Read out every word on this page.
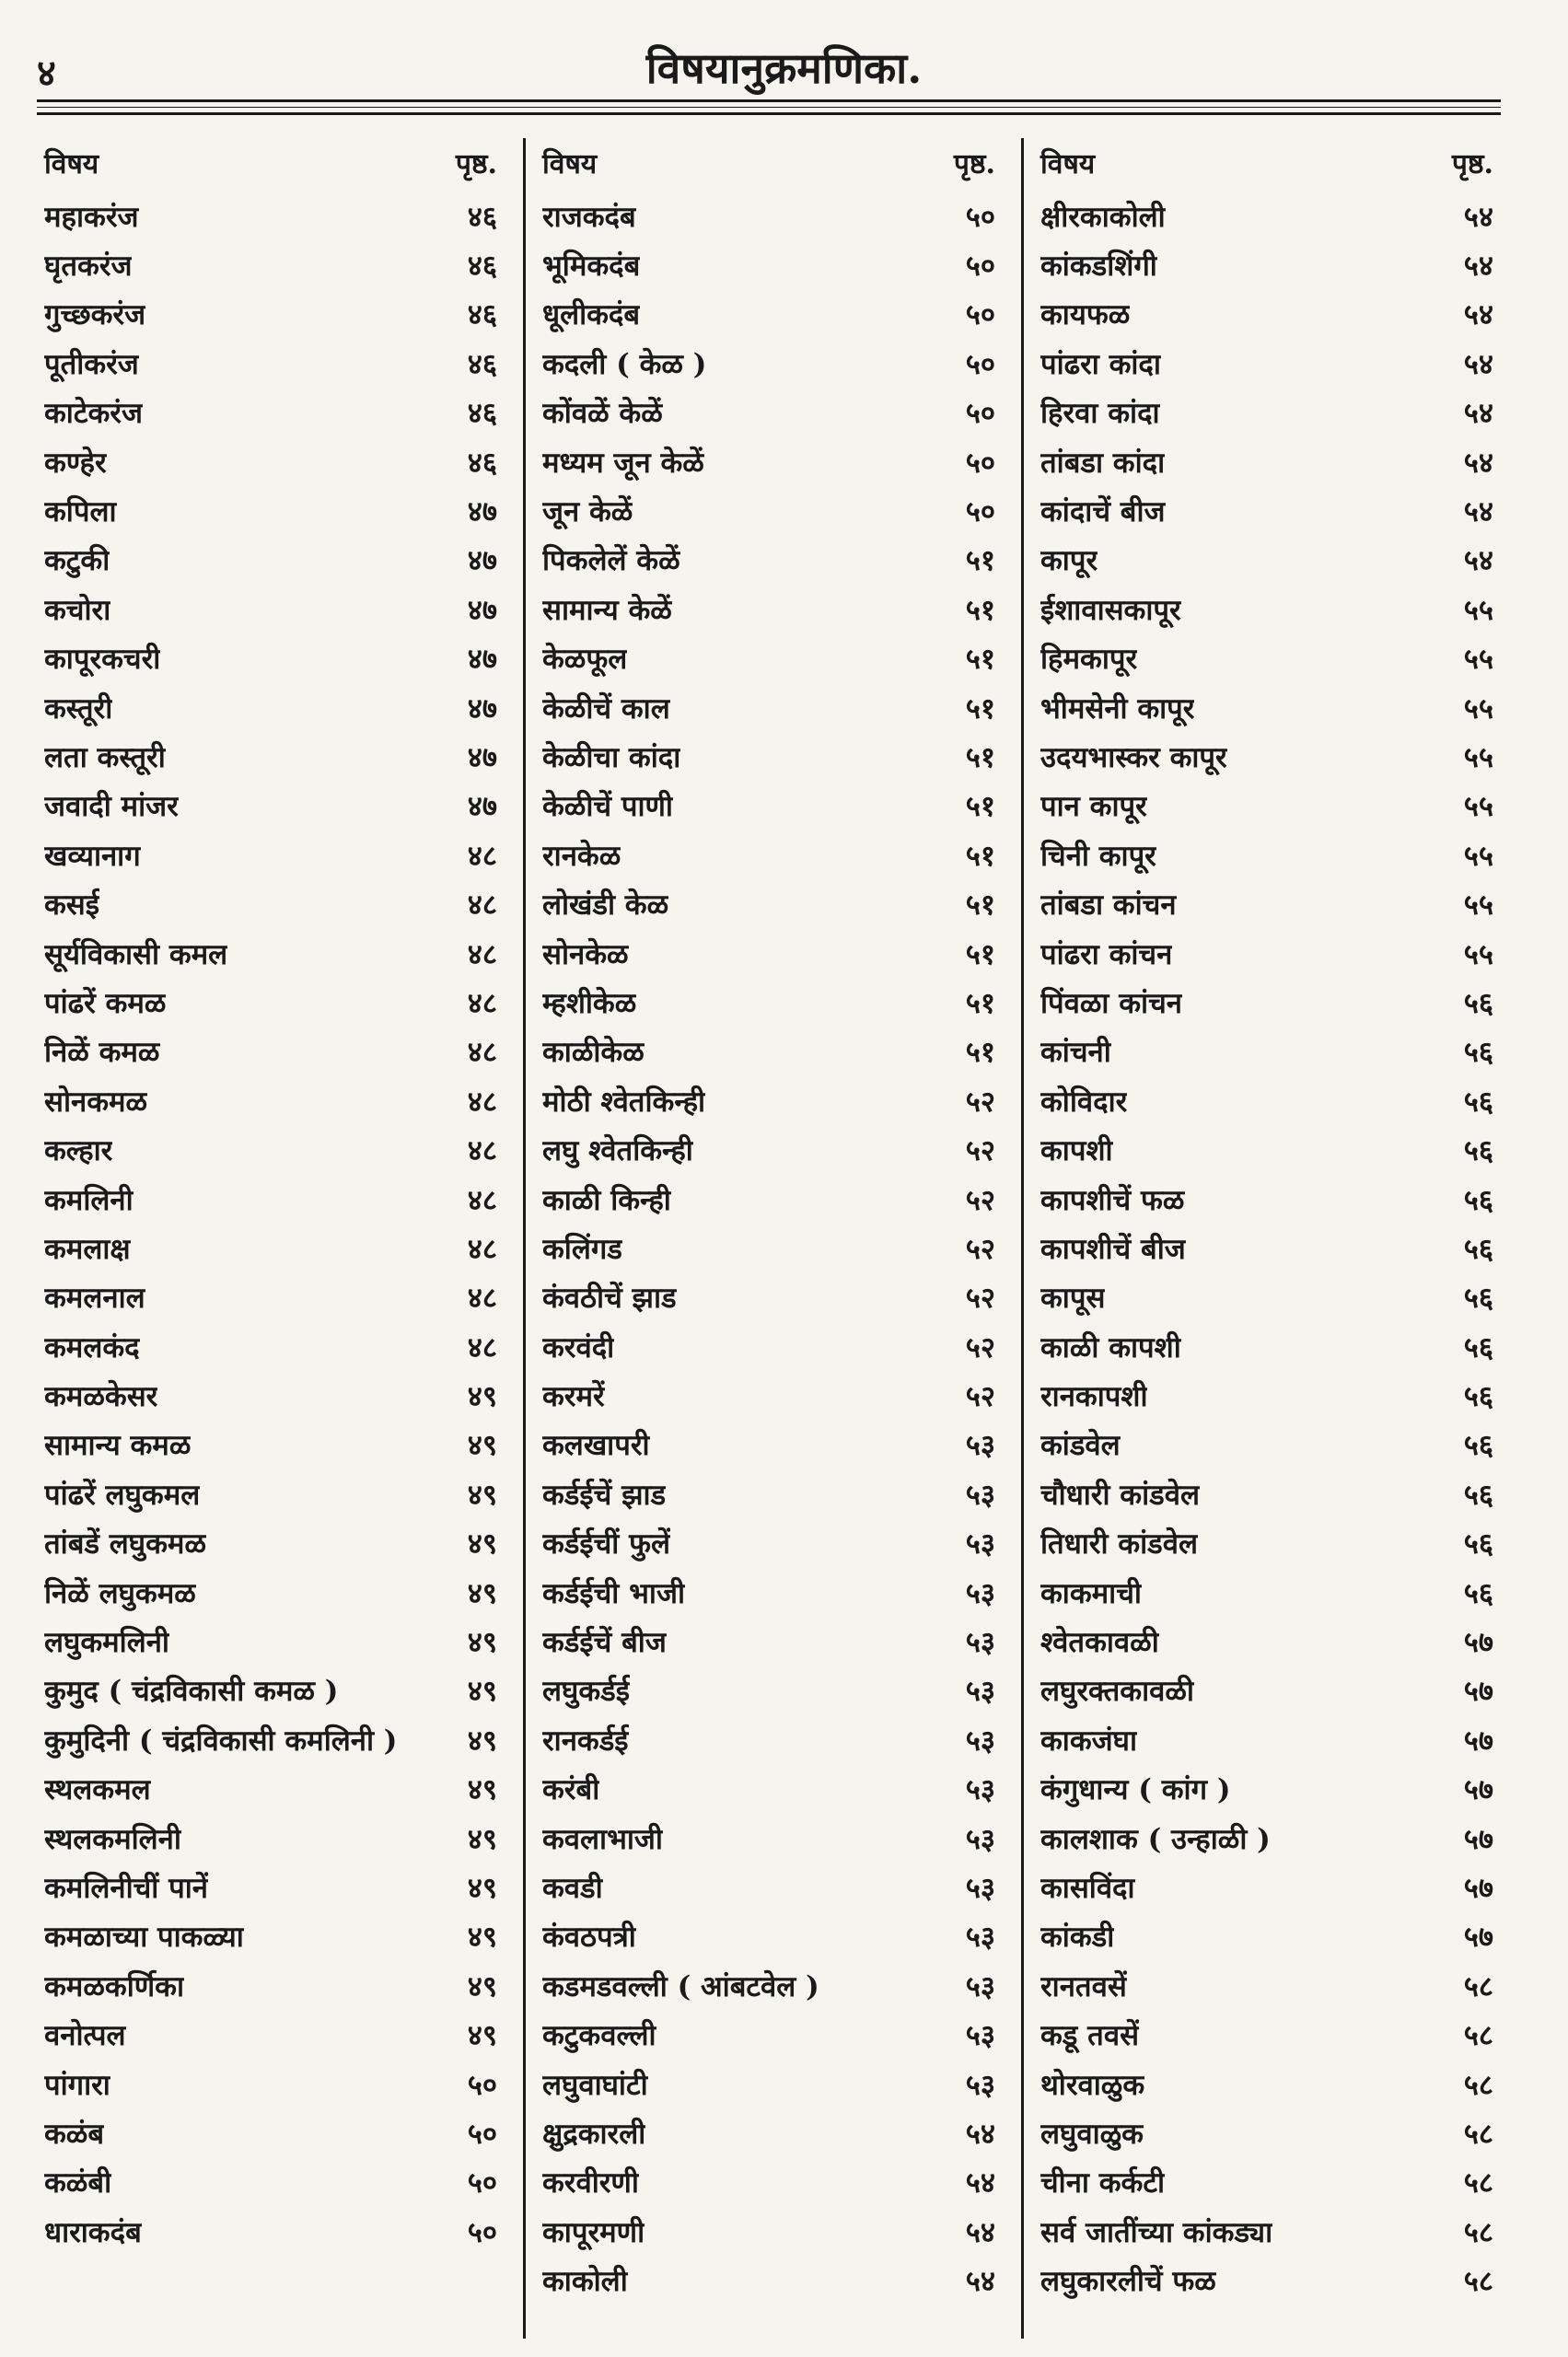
४	विषयानुक्रमणिका.
विषय	पृष्ठ.
महाकरंज	४६
घृतकरंज	४६
गुच्छकरंज	४६
पूतीकरंज	४६
काटेकरंज	४६
कण्हेर	४६
कपिला	४७
कटुकी	४७
कचोरा	४७
कापूरकचरी	४७
कस्तूरी	४७
लता कस्तूरी	४७
जवादी मांजर	४७
खव्यानाग	४८
कसई	४८
सूर्यविकासी कमल	४८
पांढरें कमळ	४८
निळें कमळ	४८
सोनकमळ	४८
कल्हार	४८
कमलिनी	४८
कमलाक्ष	४८
कमलनाल	४८
कमलकंद	४८
कमळकेसर	४९
सामान्य कमळ	४९
पांढरें लघुकमल	४९
तांबडें लघुकमळ	४९
निळें लघुकमळ	४९
लघुकमलिनी	४९
कुमुद ( चंद्रविकासी कमळ )	४९
कुमुदिनी ( चंद्रविकासी कमलिनी )	४९
स्थलकमल	४९
स्थलकमलिनी	४९
कमलिनीचीं पानें	४९
कमळाच्या पाकळ्या	४९
कमळकर्णिका	४९
वनोत्पल	४९
पांगारा	५०
कळंब	५०
कळंबी	५०
धाराकदंब	५०
विषय	पृष्ठ.
राजकदंब	५०
भूमिकदंब	५०
धूलीकदंब	५०
कदली ( केळ )	५०
कोंवळें केळें	५०
मध्यम जून केळें	५०
जून केळें	५०
पिकलेलें केळें	५१
सामान्य केळें	५१
केळफूल	५१
केळीचें काल	५१
केळीचा कांदा	५१
केळीचें पाणी	५१
रानकेळ	५१
लोखंडी केळ	५१
सोनकेळ	५१
म्हशीकेळ	५१
काळीकेळ	५१
मोठी श्वेतकिन्ही	५२
लघु श्वेतकिन्ही	५२
काळी किन्ही	५२
कलिंगड	५२
कंवठीचें झाड	५२
करवंदी	५२
करमरें	५२
कलखापरी	५३
कर्डईचें झाड	५३
कर्डईचीं फुलें	५३
कर्डईची भाजी	५३
कर्डईचें बीज	५३
लघुकर्डई	५३
रानकर्डई	५३
करंबी	५३
कवलाभाजी	५३
कवडी	५३
कंवठपत्री	५३
कडमडवल्ली ( आंबटवेल )	५३
कटुकवल्ली	५३
लघुवाघांटी	५३
क्षुद्रकारली	५४
करवीरणी	५४
कापूरमणी	५४
काकोली	५४
विषय	पृष्ठ.
क्षीरकाकोली	५४
कांकडशिंगी	५४
कायफळ	५४
पांढरा कांदा	५४
हिरवा कांदा	५४
तांबडा कांदा	५४
कांदाचें बीज	५४
कापूर	५४
ईशावासकापूर	५५
हिमकापूर	५५
भीमसेनी कापूर	५५
उदयभास्कर कापूर	५५
पान कापूर	५५
चिनी कापूर	५५
तांबडा कांचन	५५
पांढरा कांचन	५५
पिंवळा कांचन	५६
कांचनी	५६
कोविदार	५६
कापशी	५६
कापशीचें फळ	५६
कापशीचें बीज	५६
कापूस	५६
काळी कापशी	५६
रानकापशी	५६
कांडवेल	५६
चौधारी कांडवेल	५६
तिधारी कांडवेल	५६
काकमाची	५६
श्वेतकावळी	५७
लघुरक्तकावळी	५७
काकजंघा	५७
कंगुधान्य ( कांग )	५७
कालशाक ( उन्हाळी )	५७
कासविंदा	५७
कांकडी	५७
रानतवसें	५८
कडू तवसें	५८
थोरवाळुक	५८
लघुवाळुक	५८
चीना कर्कटी	५८
सर्व जातींच्या कांकड्या	५८
लघुकारलीचें फळ	५८
